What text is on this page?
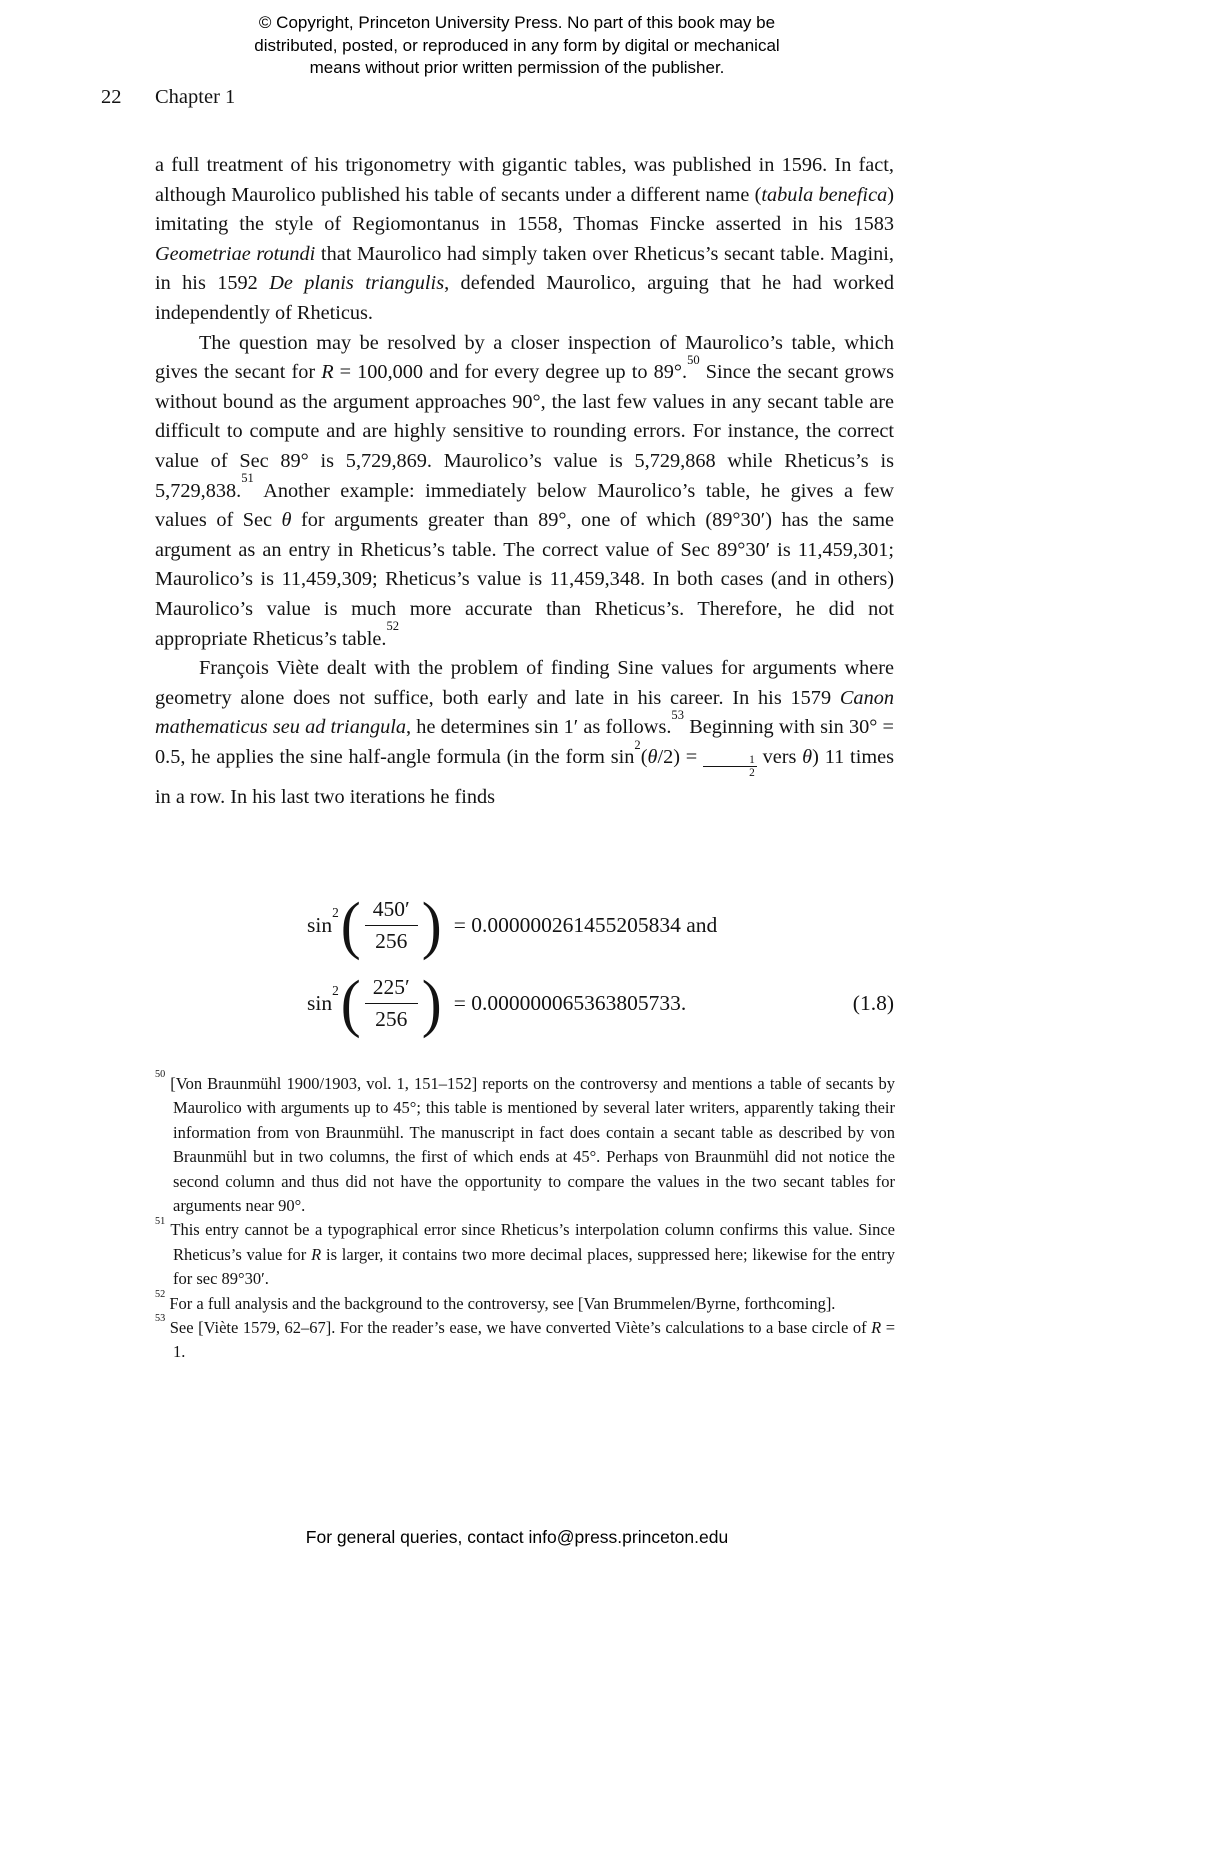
© Copyright, Princeton University Press. No part of this book may be
distributed, posted, or reproduced in any form by digital or mechanical
means without prior written permission of the publisher.
22 Chapter 1

a full treatment of his trigonometry with gigantic tables, was published in 1596. In fact, although Maurolico published his table of secants under a different name (tabula benefica) imitating the style of Regiomontanus in 1558, Thomas Fincke asserted in his 1583 Geometriae rotundi that Maurolico had simply taken over Rheticus’s secant table. Magini, in his 1592 De planis triangulis, defended Maurolico, arguing that he had worked independently of Rheticus.

The question may be resolved by a closer inspection of Maurolico’s table, which gives the secant for R = 100,000 and for every degree up to 89°.$^{50}$ Since the secant grows without bound as the argument approaches 90°, the last few values in any secant table are difficult to compute and are highly sensitive to rounding errors. For instance, the correct value of Sec 89° is 5,729,869. Maurolico’s value is 5,729,868 while Rheticus’s is 5,729,838.51 Another example: immediately below Maurolico’s table, he gives a few values of Sec θ for arguments greater than 89°, one of which (89°30′) has the same argument as an entry in Rheticus’s table. The correct value of Sec 89°30′ is 11,459,301; Maurolico’s is 11,459,309; Rheticus’s value is 11,459,348. In both cases (and in others) Maurolico’s value is much more accurate than Rheticus’s. Therefore, he did not appropriate Rheticus’s table.$^{52}$

François Viète dealt with the problem of finding Sine values for arguments where geometry alone does not suffice, both early and late in his career. In his 1579 Canon mathematicus seu ad triangula, he determines sin 1′ as follows.$^{53}$ Beginning with sin 30° = 0.5, he applies the sine half-angle formula (in the form $\sin^2(\theta/2) = \frac{1}{2}$ vers θ) 11 times in a row. In his last two iterations he finds

$\sin^2$ ( $\frac{450'}{256}$ ) = 0.000000261455205834 and
$\sin^2$ ( $\frac{225'}{256}$ ) = 0.000000065363805733.	(1.8)
$^{50}$ [Von Braunmühl 1900/1903, vol. 1, 151–152] reports on the controversy and mentions a table of secants by Maurolico with arguments up to 45°; this table is mentioned by several later writers, apparently taking their information from von Braunmühl. The manuscript in fact does contain a secant table as described by von Braunmühl but in two columns, the first of which ends at 45°. Perhaps von Braunmühl did not notice the second column and thus did not have the opportunity to compare the values in the two secant tables for arguments near 90°.
$^{51}$ This entry cannot be a typographical error since Rheticus’s interpolation column confirms this value. Since Rheticus’s value for R is larger, it contains two more decimal places, suppressed here; likewise for the entry for sec 89°30′.
$^{52}$ For a full analysis and the background to the controversy, see [Van Brummelen/Byrne, forthcoming].
$^{53}$ See [Viète 1579, 62–67]. For the reader’s ease, we have converted Viète’s calculations to a base circle of R = 1.
For general queries, contact info@press.princeton.edu
